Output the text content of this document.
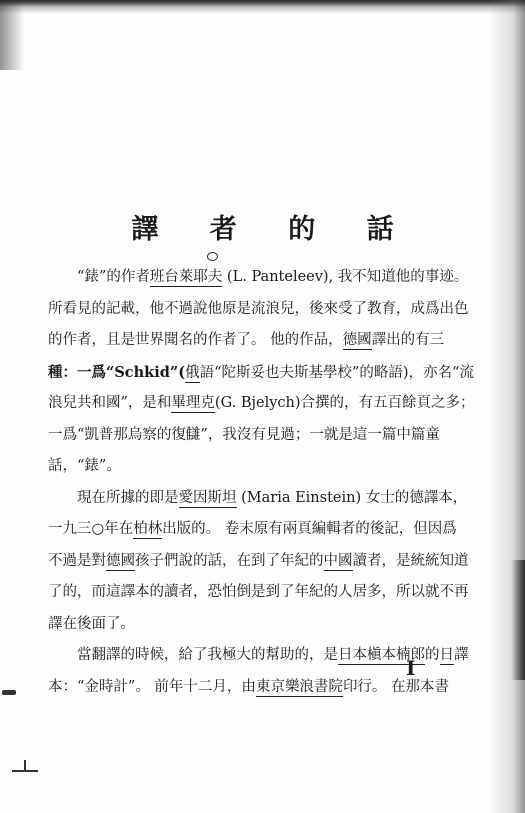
譯 者 的 話
“錶”的作者班台萊耶夫 (L. Panteleev), 我不知道他的事迹。
所看見的記載，他不過說他原是流浪兒，後來受了教育，成爲出色
的作者，且是世界聞名的作者了。 他的作品，德國譯出的有三
種：一爲“Schkid”(俄語“陀斯妥也夫斯基學校”的略語)，亦名“流
浪兒共和國”，是和畢理克(G. Bjelych)合撰的，有五百餘頁之多；
一爲“凱普那烏察的復讎”，我沒有見過；一就是這一篇中篇童
話，“錶”。
現在所據的即是愛因斯坦 (Maria Einstein) 女士的德譯本，
一九三○年在柏林出版的。 卷末原有兩頁編輯者的後記，但因爲
不過是對德國孩子們說的話，在到了年紀的中國讀者，是統統知道
了的，而這譯本的讀者，恐怕倒是到了年紀的人居多，所以就不再
譯在後面了。
當翻譯的時候，給了我極大的幫助的，是日本槇本楠郎的日譯
本：“金時計”。 前年十二月，由東京樂浪書院印行。 在那本書
I
